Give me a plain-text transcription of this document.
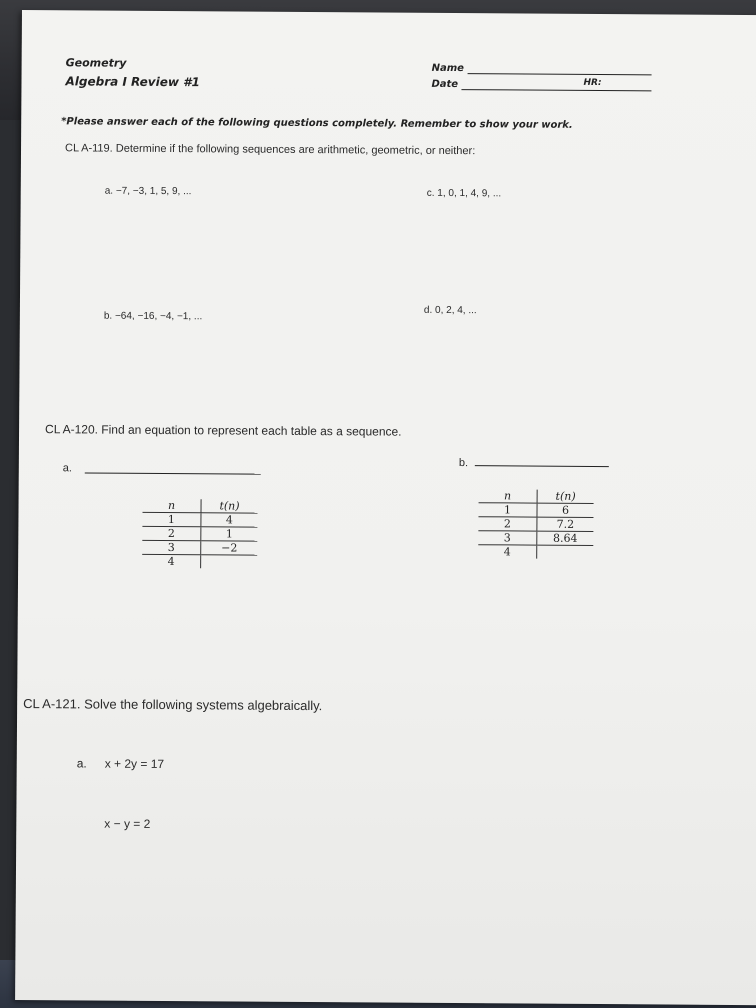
Geometry
Algebra I Review #1
Name
Date	HR:
*Please answer each of the following questions completely. Remember to show your work.
CL A-119. Determine if the following sequences are arithmetic, geometric, or neither:
a. −7, −3, 1, 5, 9, ...	c. 1, 0, 1, 4, 9, ...
b. −64, −16, −4, −1, ...
d. 0, 2, 4, ...
CL A-120. Find an equation to represent each table as a sequence.
a.	b.
n	t(n)
1	4
2	1
3	−2
4	
n	t(n)
1	6
2	7.2
3	8.64
4	
CL A-121. Solve the following systems algebraically.
a. x + 2y = 17
x − y = 2
